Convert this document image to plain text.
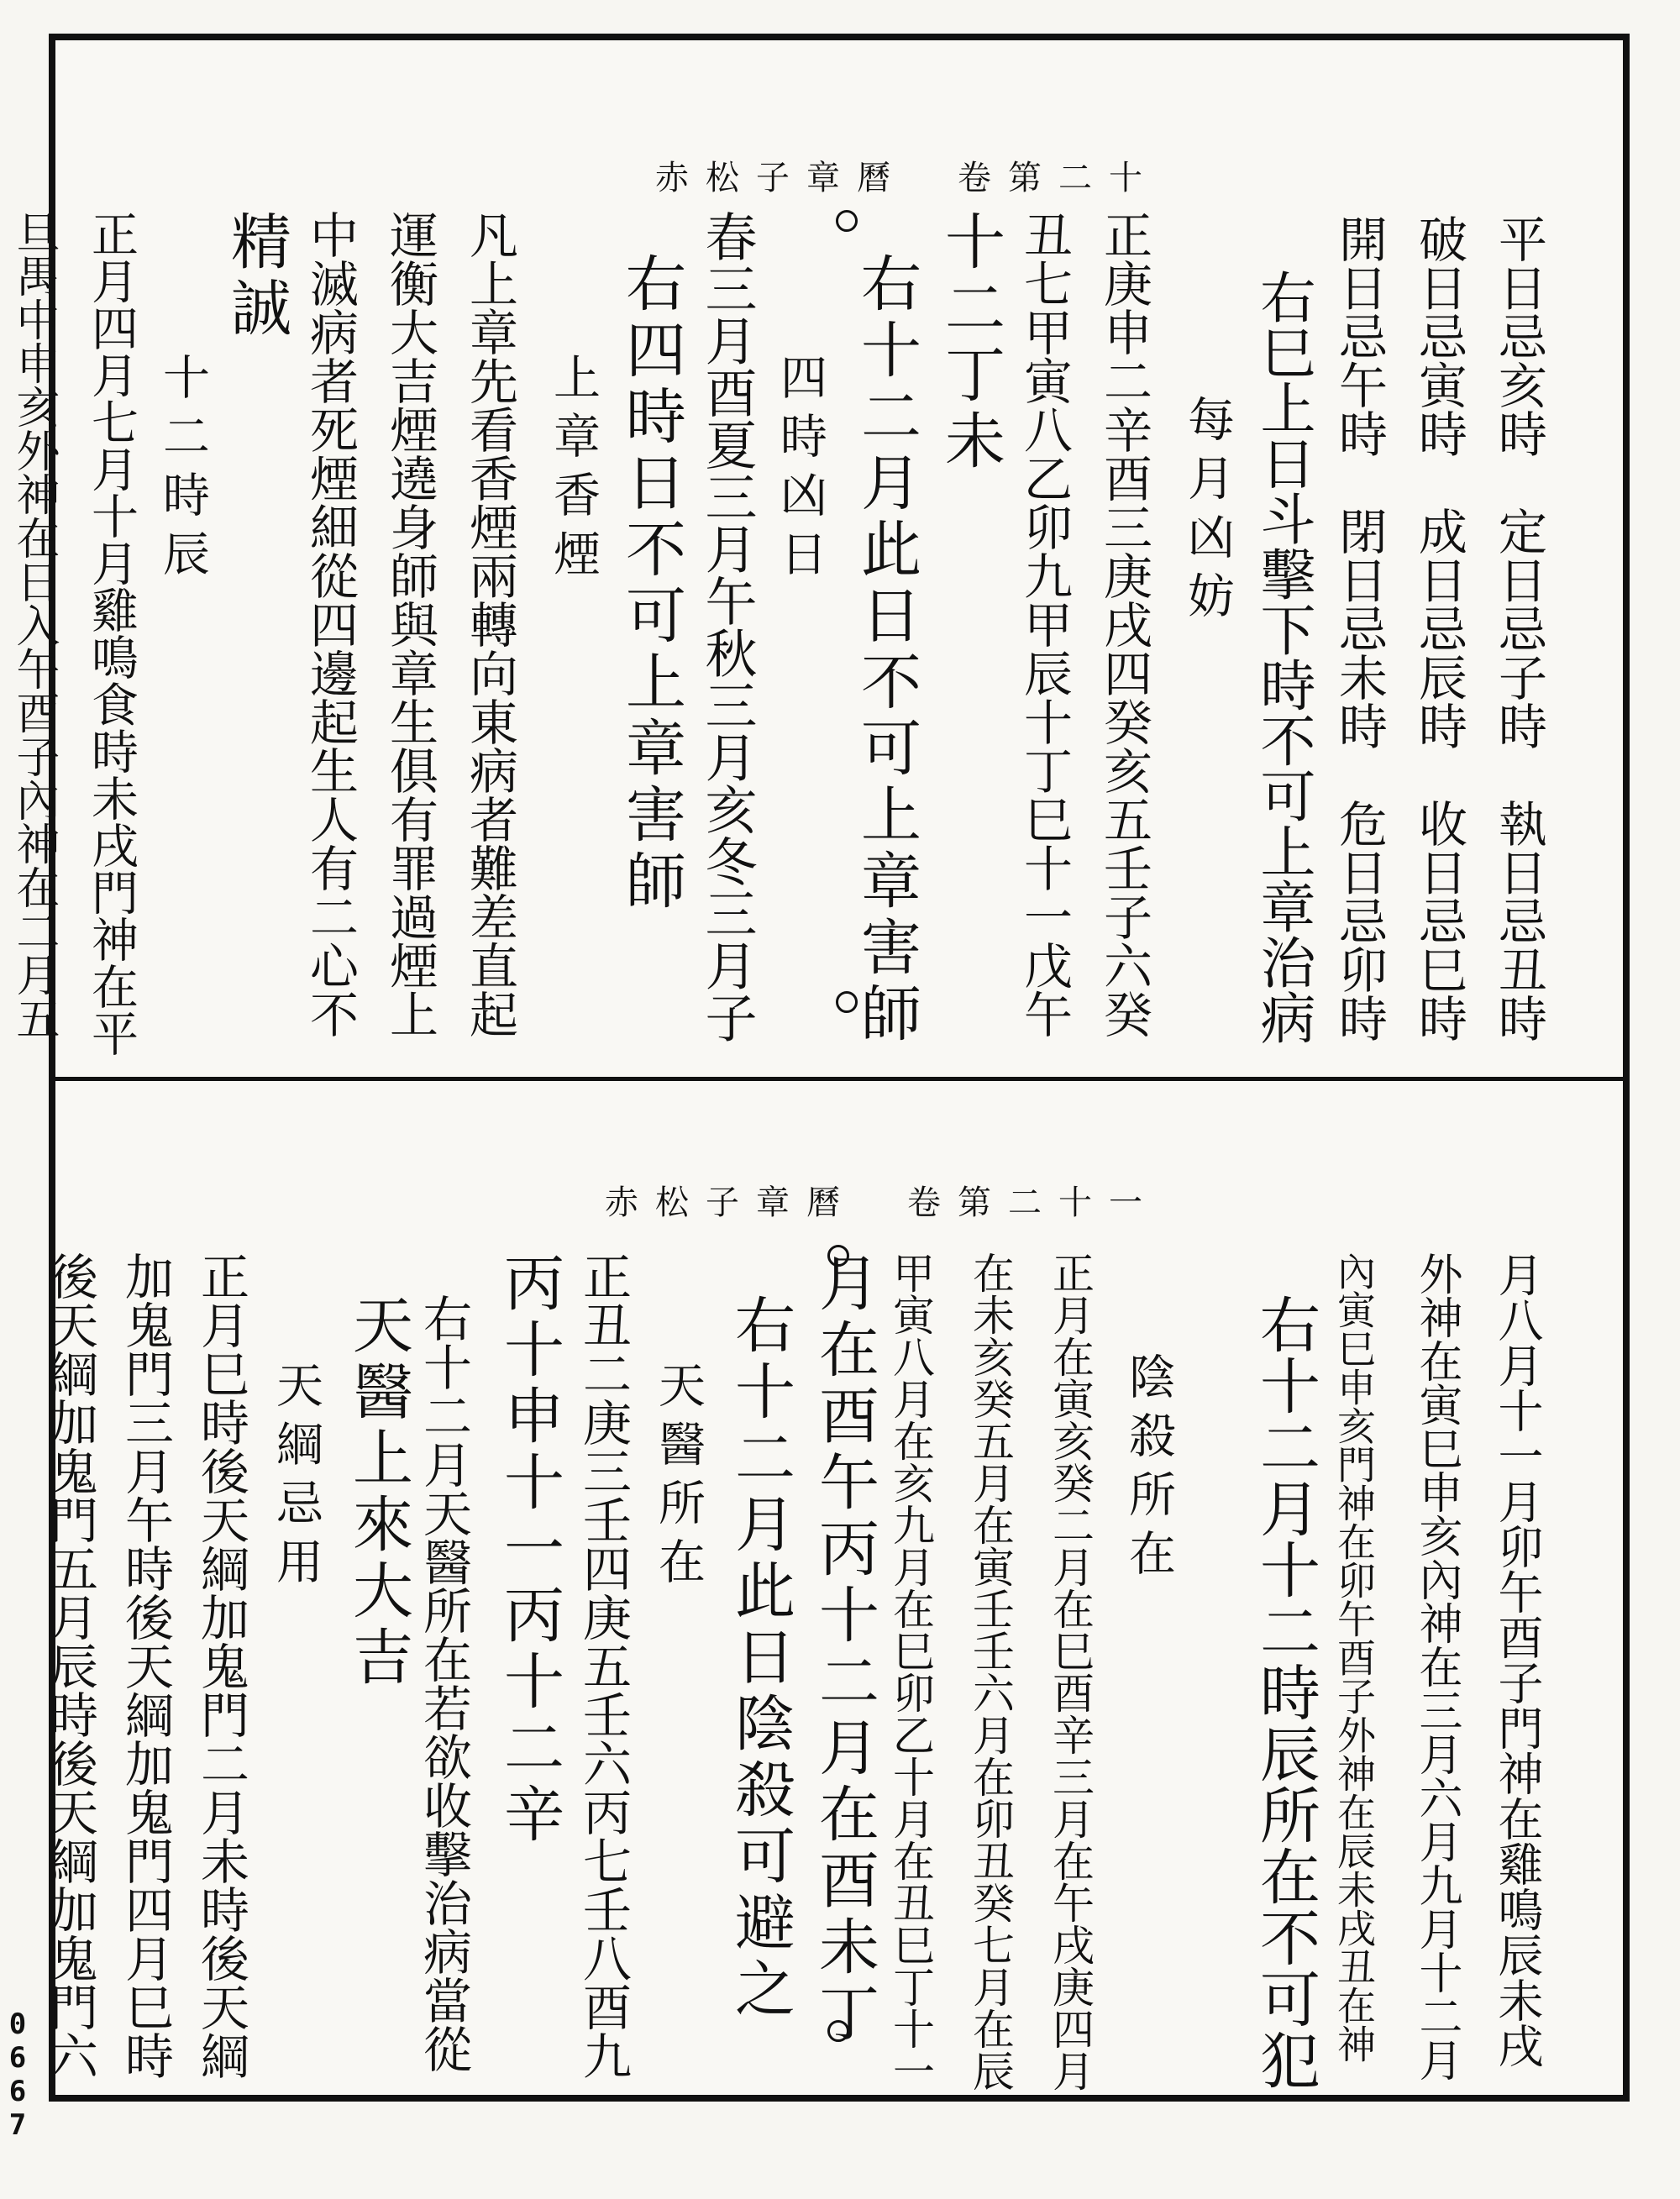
赤松子章曆　卷第二十
平日忌亥時　定日忌子時　執日忌丑時
破日忌寅時　成日忌辰時　收日忌巳時
開日忌午時　閉日忌未時　危日忌卯時
右巳上日斗擊下時不可上章治病
每月凶妨
正庚申二辛酉三庚戌四癸亥五壬子六癸
丑七甲寅八乙卯九甲辰十丁巳十一戊午
十二丁未
右十二月此日不可上章害師
四時凶日
春三月酉夏三月午秋三月亥冬三月子
右四時日不可上章害師
上章香煙
凡上章先看香煙兩轉向東病者難差直起
運衡大吉煙遶身師與章生俱有罪過煙上
中滅病者死煙細從四邊起生人有二心不
精誠
十二時辰
正月四月七月十月雞鳴食時未戌門神在平
旦禺中申亥外神在日入午酉子內神在二月五
赤松子章曆　卷第二十一
月八月十一月卯午酉子門神在雞鳴辰未戌
外神在寅巳申亥內神在三月六月九月十二月
內寅巳申亥門神在卯午酉子外神在辰未戌丑在神
右十二月十二時辰所在不可犯
陰殺所在
正月在寅亥癸二月在巳酉辛三月在午戌庚四月
在未亥癸五月在寅壬壬六月在卯丑癸七月在辰
甲寅八月在亥九月在巳卯乙十月在丑巳丁十一
月在酉午丙十二月在酉未丁
右十二月此日陰殺可避之
天醫所在
正丑二庚三壬四庚五壬六丙七壬八酉九
丙十申十一丙十二辛
右十二月天醫所在若欲收擊治病當從
天醫上來大吉
天綱忌用
正月巳時後天綱加鬼門二月未時後天綱
加鬼門三月午時後天綱加鬼門四月巳時
後天綱加鬼門五月辰時後天綱加鬼門六
0667
